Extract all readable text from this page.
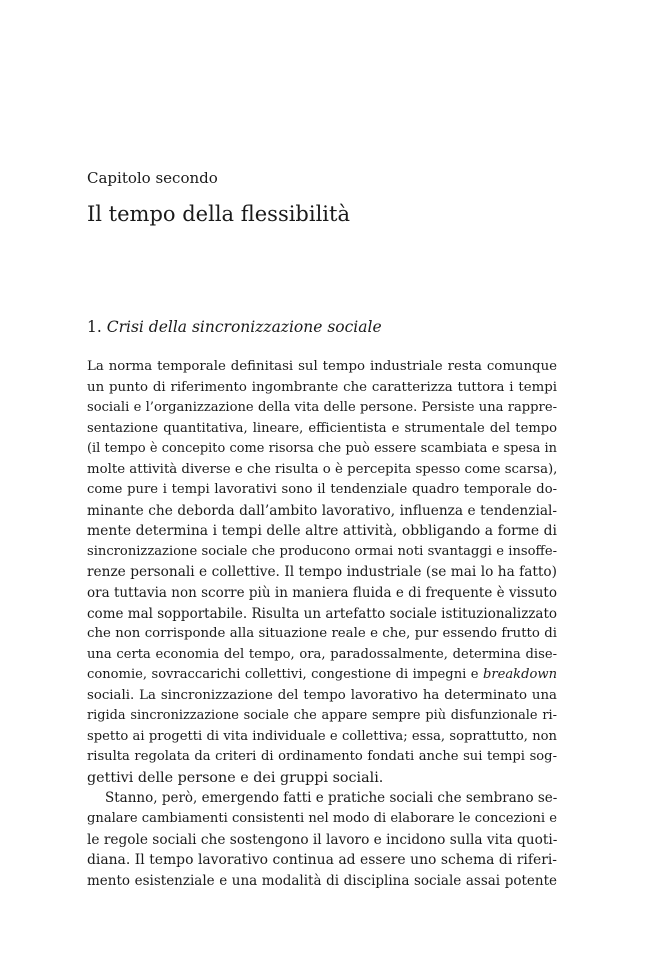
Capitolo secondo
Il tempo della flessibilità
1. Crisi della sincronizzazione sociale
La norma temporale definitasi sul tempo industriale resta comunque
un punto di riferimento ingombrante che caratterizza tuttora i tempi
sociali e l’organizzazione della vita delle persone. Persiste una rappre-
sentazione quantitativa, lineare, efficientista e strumentale del tempo
(il tempo è concepito come risorsa che può essere scambiata e spesa in
molte attività diverse e che risulta o è percepita spesso come scarsa),
come pure i tempi lavorativi sono il tendenziale quadro temporale do-
minante che deborda dall’ambito lavorativo, influenza e tendenzial-
mente determina i tempi delle altre attività, obbligando a forme di
sincronizzazione sociale che producono ormai noti svantaggi e insoffe-
renze personali e collettive. Il tempo industriale (se mai lo ha fatto)
ora tuttavia non scorre più in maniera fluida e di frequente è vissuto
come mal sopportabile. Risulta un artefatto sociale istituzionalizzato
che non corrisponde alla situazione reale e che, pur essendo frutto di
una certa economia del tempo, ora, paradossalmente, determina dise-
conomie, sovraccarichi collettivi, congestione di impegni e breakdown
sociali. La sincronizzazione del tempo lavorativo ha determinato una
rigida sincronizzazione sociale che appare sempre più disfunzionale ri-
spetto ai progetti di vita individuale e collettiva; essa, soprattutto, non
risulta regolata da criteri di ordinamento fondati anche sui tempi sog-
gettivi delle persone e dei gruppi sociali.
Stanno, però, emergendo fatti e pratiche sociali che sembrano se-
gnalare cambiamenti consistenti nel modo di elaborare le concezioni e
le regole sociali che sostengono il lavoro e incidono sulla vita quoti-
diana. Il tempo lavorativo continua ad essere uno schema di riferi-
mento esistenziale e una modalità di disciplina sociale assai potente
